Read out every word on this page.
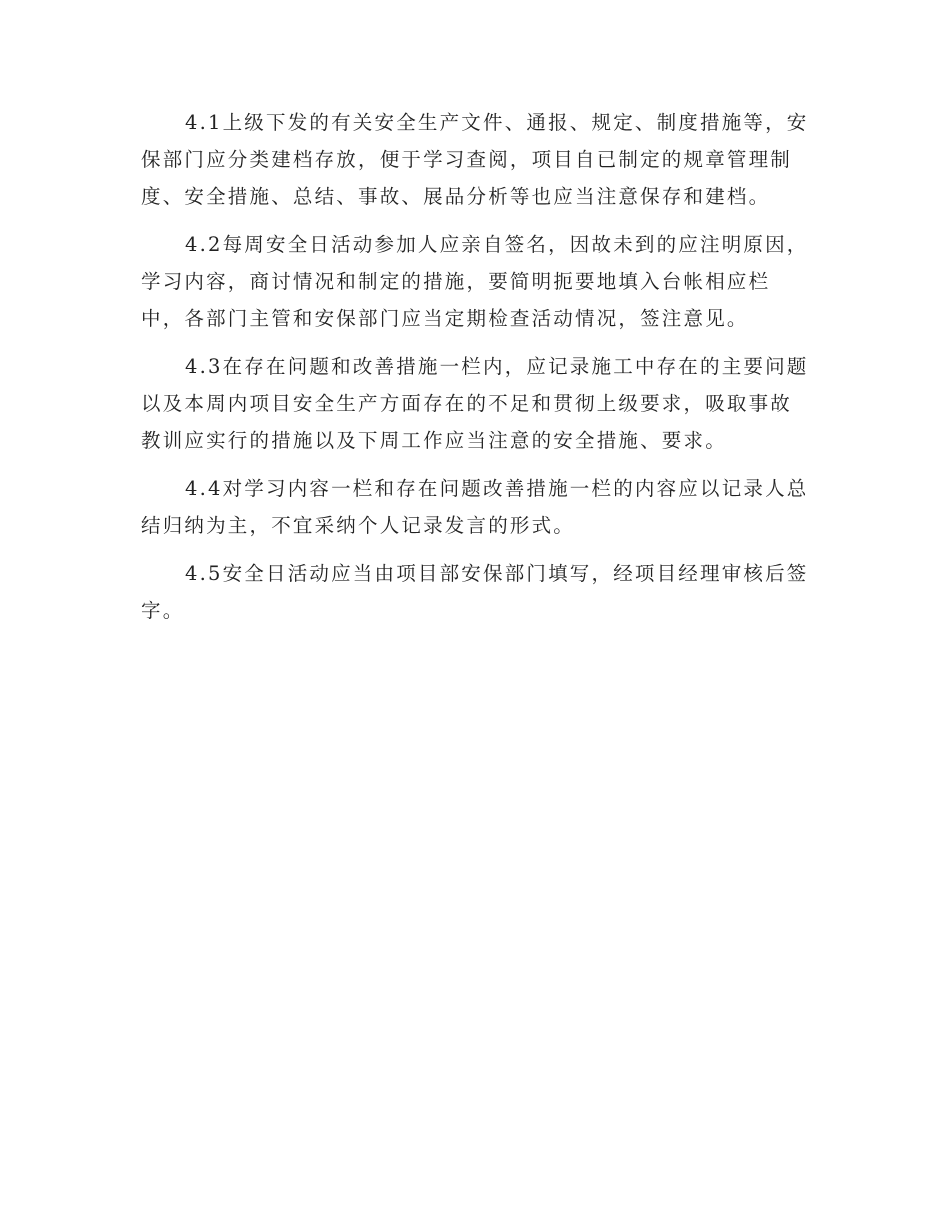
4.1上级下发的有关安全生产文件、通报、规定、制度措施等，安
保部门应分类建档存放，便于学习查阅，项目自已制定的规章管理制
度、安全措施、总结、事故、展品分析等也应当注意保存和建档。

4.2每周安全日活动参加人应亲自签名，因故未到的应注明原因，
学习内容，商讨情况和制定的措施，要简明扼要地填入台帐相应栏
中，各部门主管和安保部门应当定期检查活动情况，签注意见。

4.3在存在问题和改善措施一栏内，应记录施工中存在的主要问题
以及本周内项目安全生产方面存在的不足和贯彻上级要求，吸取事故
教训应实行的措施以及下周工作应当注意的安全措施、要求。

4.4对学习内容一栏和存在问题改善措施一栏的内容应以记录人总
结归纳为主，不宜采纳个人记录发言的形式。

4.5安全日活动应当由项目部安保部门填写，经项目经理审核后签
字。
